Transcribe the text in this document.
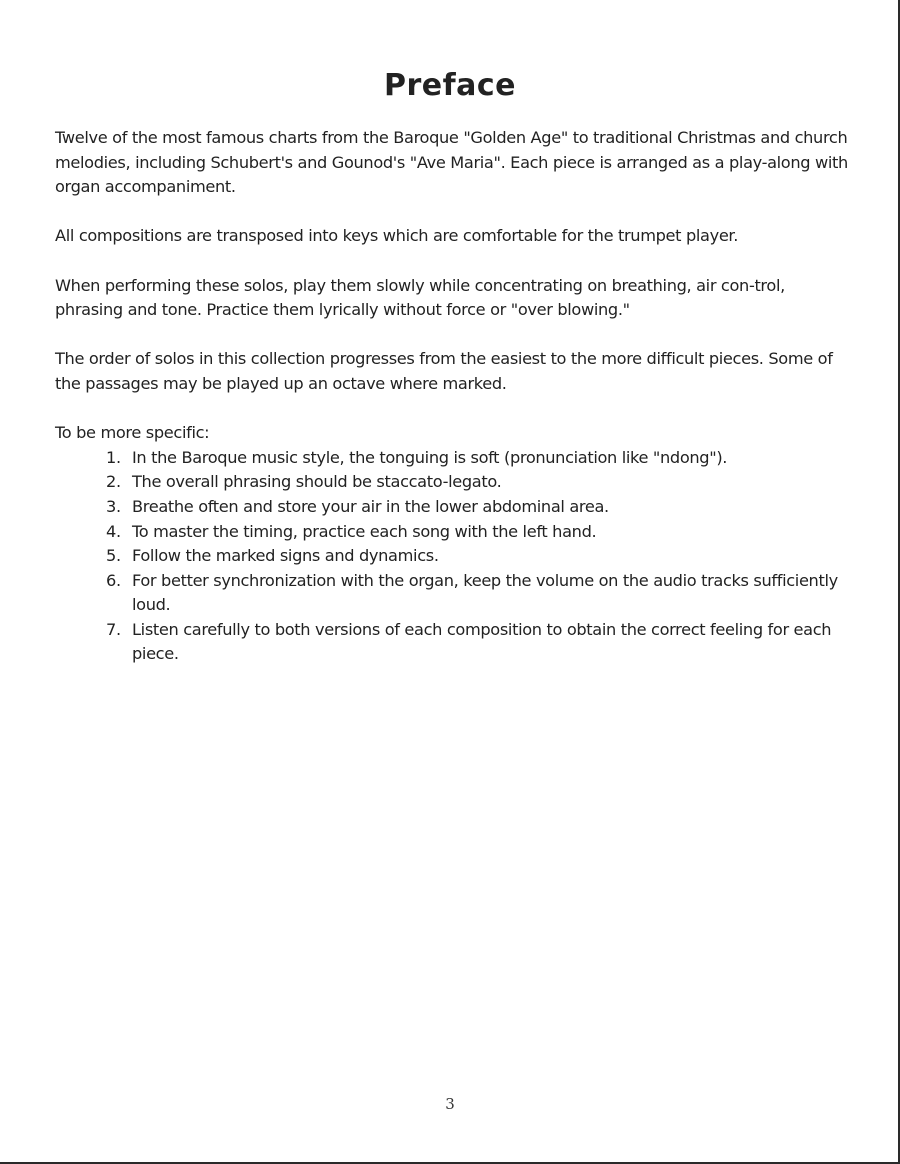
Preface

Twelve of the most famous charts from the Baroque "Golden Age" to traditional Christmas and church melodies, including Schubert's and Gounod's "Ave Maria". Each piece is arranged as a play-along with organ accompaniment.

All compositions are transposed into keys which are comfortable for the trumpet player.

When performing these solos, play them slowly while concentrating on breathing, air con-trol, phrasing and tone. Practice them lyrically without force or "over blowing."

The order of solos in this collection progresses from the easiest to the more difficult pieces. Some of the passages may be played up an octave where marked.

To be more specific:

1. In the Baroque music style, the tonguing is soft (pronunciation like "ndong").
2. The overall phrasing should be staccato-legato.
3. Breathe often and store your air in the lower abdominal area.
4. To master the timing, practice each song with the left hand.
5. Follow the marked signs and dynamics.
6. For better synchronization with the organ, keep the volume on the audio tracks sufficiently loud.
7. Listen carefully to both versions of each composition to obtain the correct feeling for each piece.
3
